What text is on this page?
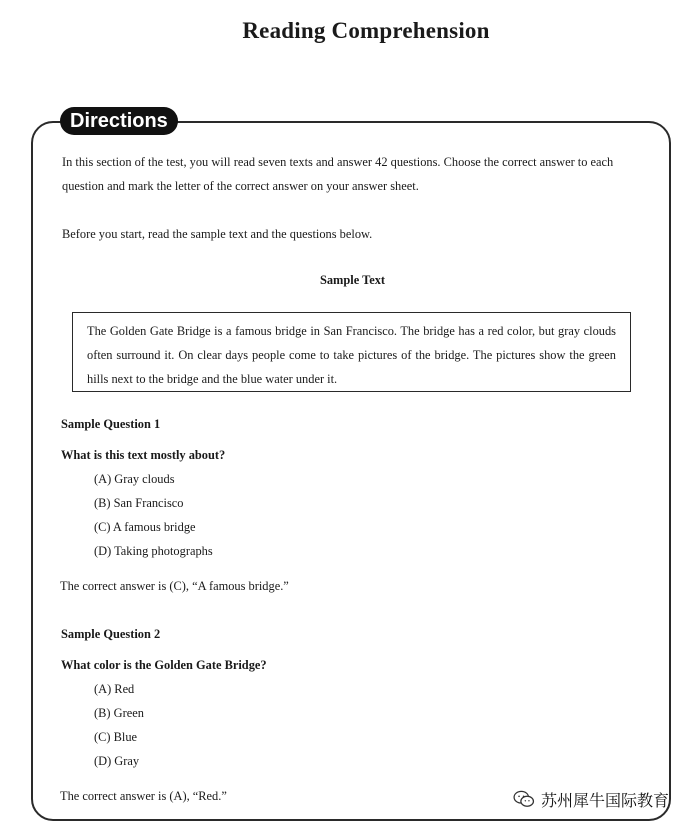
Reading Comprehension
Directions
In this section of the test, you will read seven texts and answer 42 questions. Choose the correct answer to each question and mark the letter of the correct answer on your answer sheet.
Before you start, read the sample text and the questions below.
Sample Text
The Golden Gate Bridge is a famous bridge in San Francisco. The bridge has a red color, but gray clouds often surround it. On clear days people come to take pictures of the bridge. The pictures show the green hills next to the bridge and the blue water under it.
Sample Question 1
What is this text mostly about?
(A) Gray clouds
(B) San Francisco
(C) A famous bridge
(D) Taking photographs
The correct answer is (C), “A famous bridge.”
Sample Question 2
What color is the Golden Gate Bridge?
(A) Red
(B) Green
(C) Blue
(D) Gray
The correct answer is (A), “Red.”	苏州犀牛国际教育
